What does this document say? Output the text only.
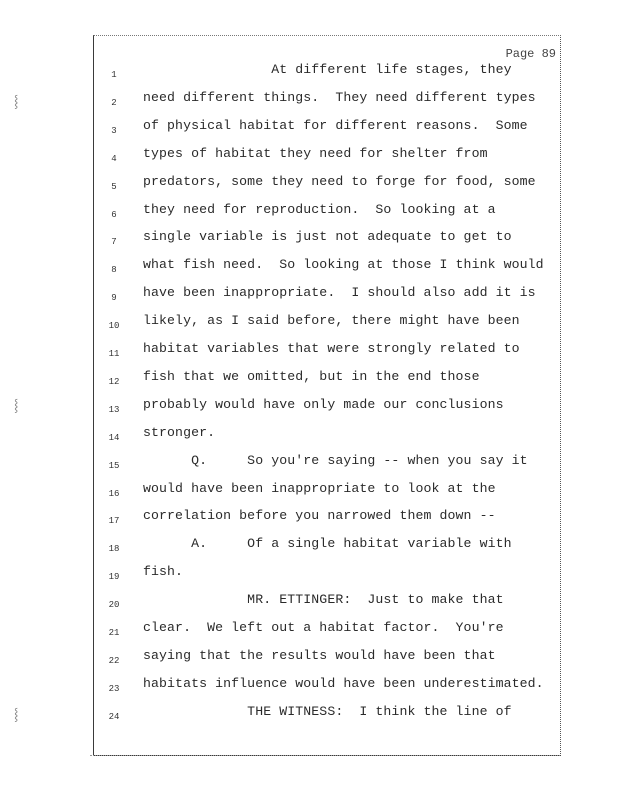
Page 89
⸾
⸾
⸾
1	At different life stages, they
2	need different things.  They need different types
3	of physical habitat for different reasons.  Some
4	types of habitat they need for shelter from
5	predators, some they need to forge for food, some
6	they need for reproduction.  So looking at a
7	single variable is just not adequate to get to
8	what fish need.  So looking at those I think would
9	have been inappropriate.  I should also add it is
10	likely, as I said before, there might have been
11	habitat variables that were strongly related to
12	fish that we omitted, but in the end those
13	probably would have only made our conclusions
14	stronger.
15	Q.     So you're saying -- when you say it
16	would have been inappropriate to look at the
17	correlation before you narrowed them down --
18	A.     Of a single habitat variable with
19	fish.
20	MR. ETTINGER:  Just to make that
21	clear.  We left out a habitat factor.  You're
22	saying that the results would have been that
23	habitats influence would have been underestimated.
24	THE WITNESS:  I think the line of
